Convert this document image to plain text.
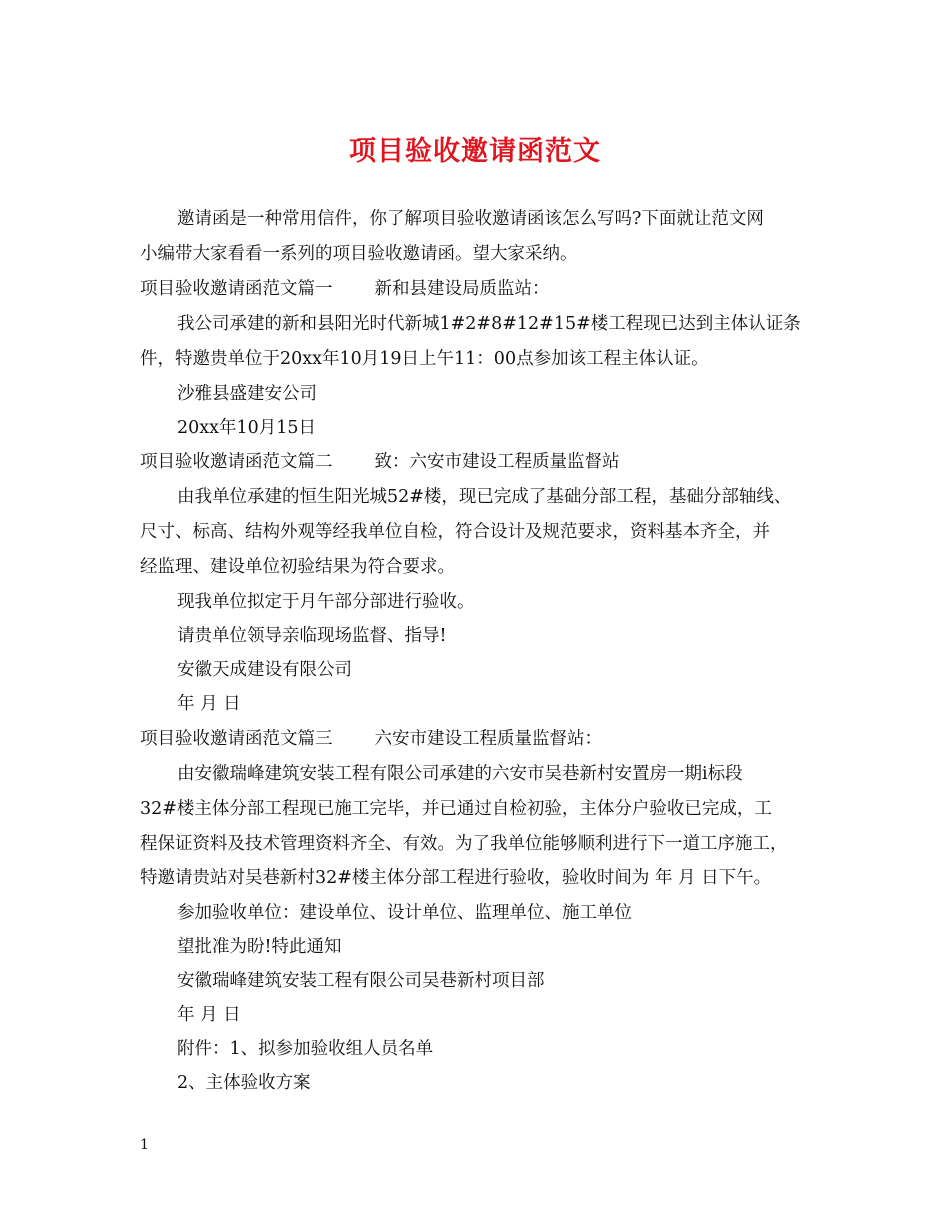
项目验收邀请函范文
邀请函是一种常用信件，你了解项目验收邀请函该怎么写吗?下面就让范文网
小编带大家看看一系列的项目验收邀请函。望大家采纳。
项目验收邀请函范文篇一 新和县建设局质监站：
我公司承建的新和县阳光时代新城1#2#8#12#15#楼工程现已达到主体认证条
件，特邀贵单位于20xx年10月19日上午11：00点参加该工程主体认证。
沙雅县盛建安公司
20xx年10月15日
项目验收邀请函范文篇二 致：六安市建设工程质量监督站
由我单位承建的恒生阳光城52#楼，现已完成了基础分部工程，基础分部轴线、
尺寸、标高、结构外观等经我单位自检，符合设计及规范要求，资料基本齐全，并
经监理、建设单位初验结果为符合要求。
现我单位拟定于月午部分部进行验收。
请贵单位领导亲临现场监督、指导!
安徽天成建设有限公司
年 月 日
项目验收邀请函范文篇三 六安市建设工程质量监督站：
由安徽瑞峰建筑安装工程有限公司承建的六安市吴巷新村安置房一期ⅰ标段
32#楼主体分部工程现已施工完毕，并已通过自检初验，主体分户验收已完成，工
程保证资料及技术管理资料齐全、有效。为了我单位能够顺利进行下一道工序施工，
特邀请贵站对吴巷新村32#楼主体分部工程进行验收，验收时间为 年 月 日下午。
参加验收单位：建设单位、设计单位、监理单位、施工单位
望批准为盼!特此通知
安徽瑞峰建筑安装工程有限公司吴巷新村项目部
年 月 日
附件：1、拟参加验收组人员名单
2、主体验收方案
1
